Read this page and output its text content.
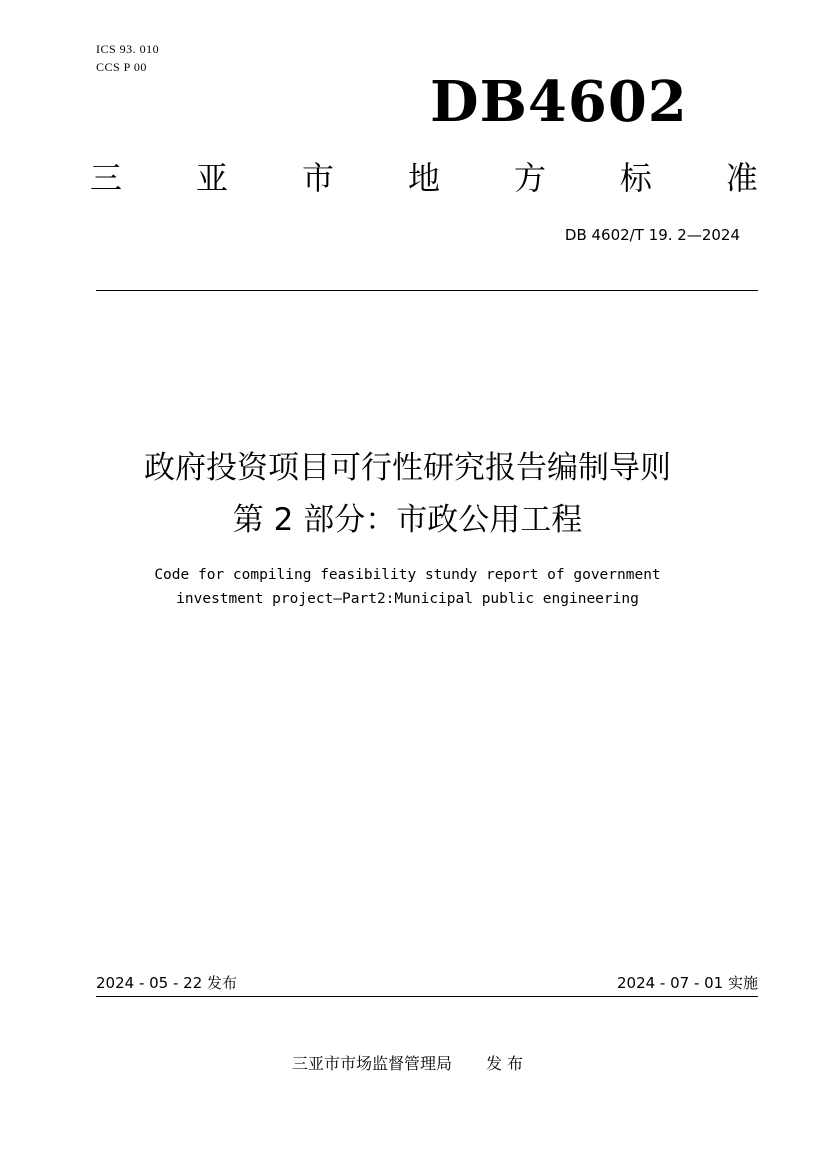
ICS 93. 010
CCS P 00
DB4602
三 亚 市 地 方 标 准
DB 4602/T 19. 2—2024
政府投资项目可行性研究报告编制导则
第 2 部分：市政公用工程
Code for compiling feasibility stundy report of government
investment project—Part2:Municipal public engineering
2024 - 05 - 22 发布	2024 - 07 - 01 实施
三亚市市场监督管理局 发 布
